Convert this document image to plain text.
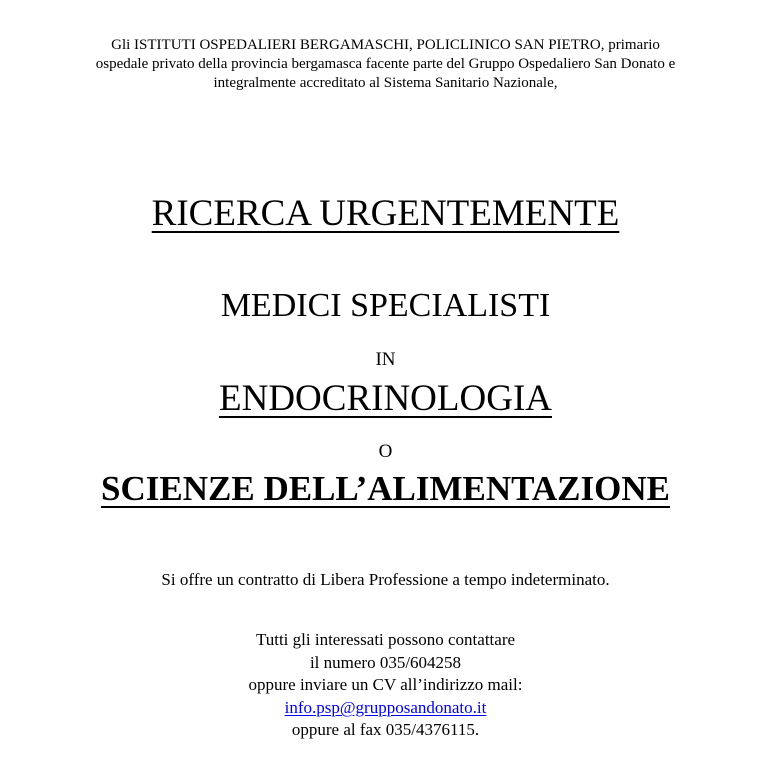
Gli ISTITUTI OSPEDALIERI BERGAMASCHI, POLICLINICO SAN PIETRO, primario
ospedale privato della provincia bergamasca facente parte del Gruppo Ospedaliero San Donato e
integralmente accreditato al Sistema Sanitario Nazionale,
RICERCA URGENTEMENTE
MEDICI SPECIALISTI
IN
ENDOCRINOLOGIA
O
SCIENZE DELL’ALIMENTAZIONE
Si offre un contratto di Libera Professione a tempo indeterminato.
Tutti gli interessati possono contattare
il numero 035/604258
oppure inviare un CV all’indirizzo mail:
info.psp@grupposandonato.it
oppure al fax 035/4376115.
